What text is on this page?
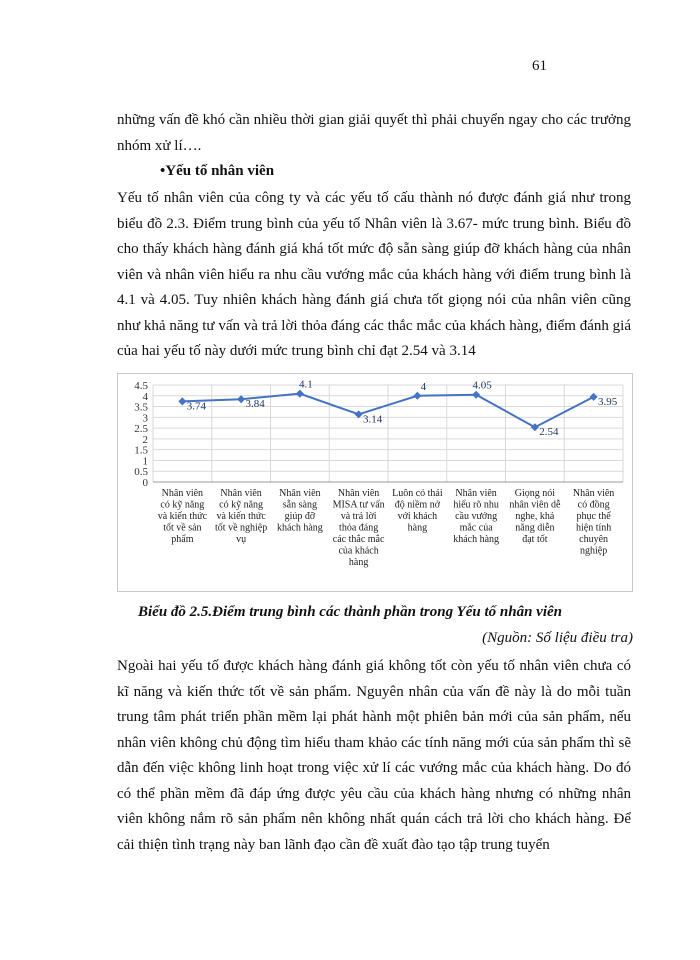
61

những vấn đề khó cần nhiều thời gian giải quyết thì phải chuyển ngay cho các trưởng nhóm xử lí….

•Yếu tố nhân viên

Yếu tố nhân viên của công ty và các yếu tố cấu thành nó được đánh giá như trong biểu đồ 2.3. Điểm trung bình của yếu tố Nhân viên là 3.67- mức trung bình. Biểu đồ cho thấy khách hàng đánh giá khá tốt mức độ sẵn sàng giúp đỡ khách hàng của nhân viên và nhân viên hiểu ra nhu cầu vướng mắc của khách hàng với điểm trung bình là 4.1 và 4.05. Tuy nhiên khách hàng đánh giá chưa tốt giọng nói của nhân viên cũng như khả năng tư vấn và trả lời thỏa đáng các thắc mắc của khách hàng, điểm đánh giá của hai yếu tố này dưới mức trung bình chỉ đạt 2.54 và 3.14

0
0.5
1
1.5
2
2.5
3
3.5
4
4.5
3.74	3.84
4.1
3.14
4	4.05
2.54
3.95
Nhân viên có kỹ năng và kiến thức tốt về sản phẩm
Nhân viên có kỹ năng và kiến thức tốt về nghiệp vụ
Nhân viên sẵn sàng giúp đỡ khách hàng
Nhân viên MISA tư vấn và trả lời thỏa đáng các thắc mắc của khách hàng
Luôn có thái độ niềm nở với khách hàng
Nhân viên hiểu rõ nhu cầu vướng mắc của khách hàng
Giọng nói nhân viên dễ nghe, khả năng diễn đạt tốt
Nhân viên có đồng phục thể hiện tính chuyên nghiệp
Biểu đồ 2.5.Điểm trung bình các thành phần trong Yếu tố nhân viên
(Nguồn: Số liệu điều tra)

Ngoài hai yếu tố được khách hàng đánh giá không tốt còn yếu tố nhân viên chưa có kĩ năng và kiến thức tốt về sản phẩm. Nguyên nhân của vấn đề này là do mỗi tuần trung tâm phát triển phần mềm lại phát hành một phiên bản mới của sản phẩm, nếu nhân viên không chủ động tìm hiểu tham khảo các tính năng mới của sản phẩm thì sẽ dẫn đến việc không linh hoạt trong việc xử lí các vướng mắc của khách hàng. Do đó có thể phần mềm đã đáp ứng được yêu cầu của khách hàng nhưng có những nhân viên không nắm rõ sản phẩm nên không nhất quán cách trả lời cho khách hàng. Để cải thiện tình trạng này ban lãnh đạo cần đề xuất đào tạo tập trung tuyển
